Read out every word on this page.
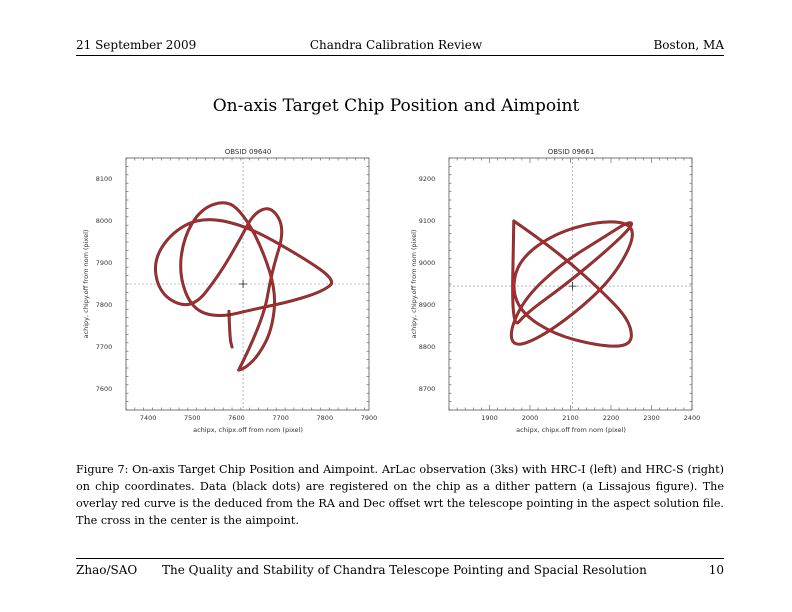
21 September 2009	Chandra Calibration Review	Boston, MA
On-axis Target Chip Position and Aimpoint
OBSID 09640
7400	7500	7600	7700	7800	7900
7600
7700
7800
7900
8000
8100
achipx, chipx.off from nom (pixel)
achipy, chipy.off from nom (pixel)
OBSID 09661
1900	2000	2100	2200	2300	2400
8700
8800
8900
9000
9100
9200
achipx, chipx.off from nom (pixel)
achipy, chipy.off from nom (pixel)
Figure 7: On-axis Target Chip Position and Aimpoint. ArLac observation (3ks) with HRC-I (left) and HRC-S (right) on chip coordinates. Data (black dots) are registered on the chip as a dither pattern (a Lissajous figure). The overlay red curve is the deduced from the RA and Dec offset wrt the telescope pointing in the aspect solution file. The cross in the center is the aimpoint.
Zhao/SAO The Quality and Stability of Chandra Telescope Pointing and Spacial Resolution	10
